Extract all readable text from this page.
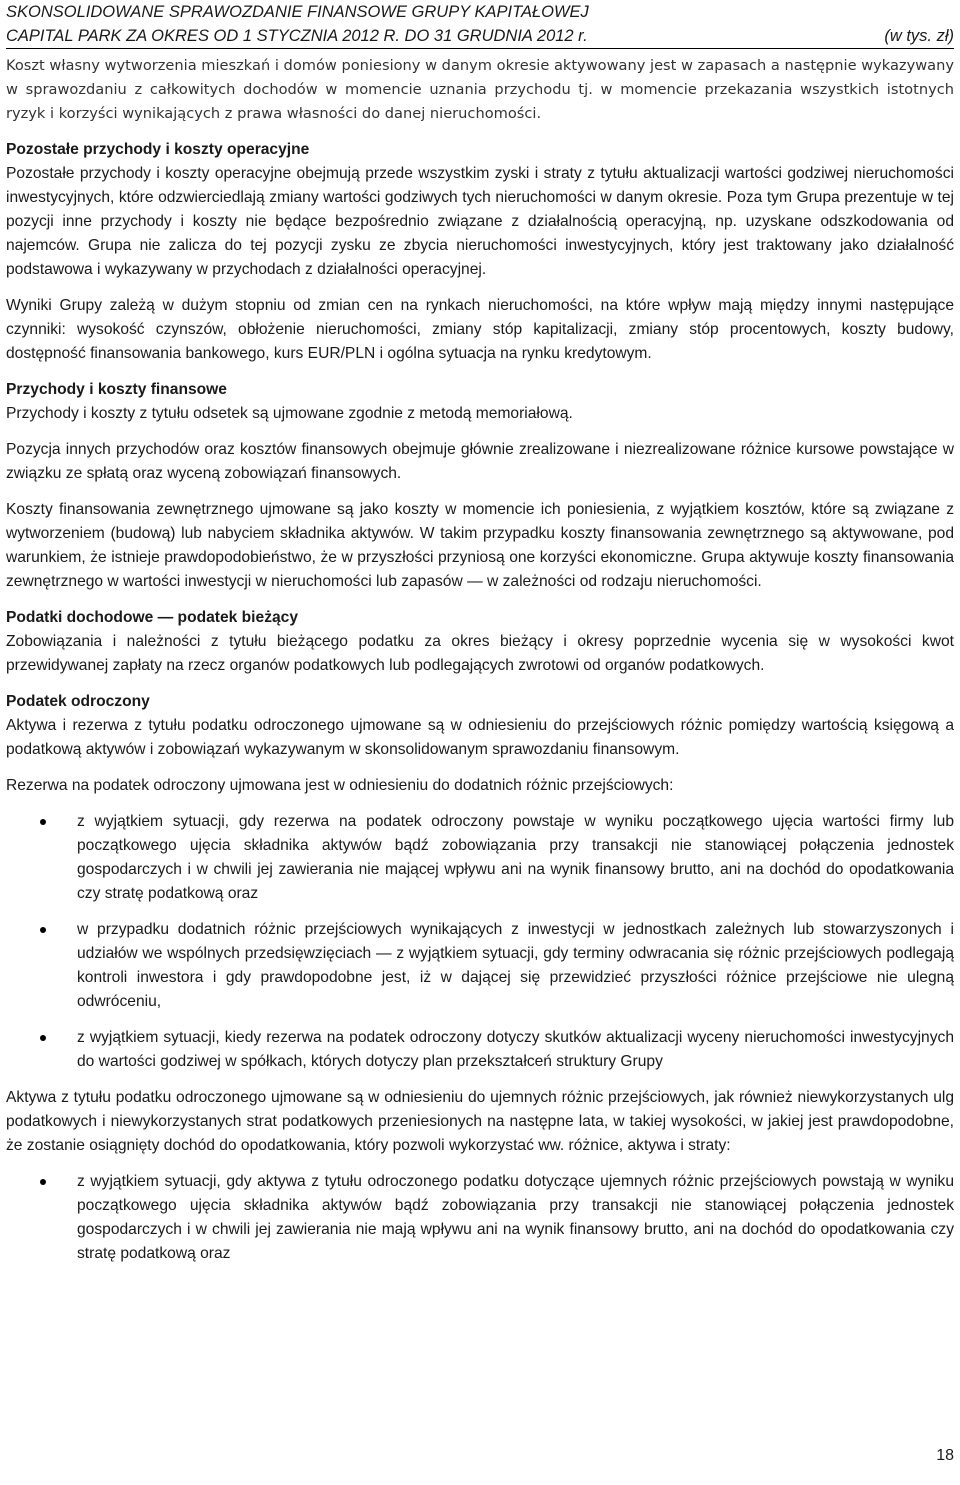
SKONSOLIDOWANE SPRAWOZDANIE FINANSOWE GRUPY KAPITAŁOWEJ
CAPITAL PARK ZA OKRES OD 1 STYCZNIA 2012 R. DO 31 GRUDNIA 2012 r.	(w tys. zł)

Koszt własny wytworzenia mieszkań i domów poniesiony w danym okresie aktywowany jest w zapasach a następnie wykazywany w sprawozdaniu z całkowitych dochodów w momencie uznania przychodu tj. w momencie przekazania wszystkich istotnych ryzyk i korzyści wynikających z prawa własności do danej nieruchomości.

Pozostałe przychody i koszty operacyjne

Pozostałe przychody i koszty operacyjne obejmują przede wszystkim zyski i straty z tytułu aktualizacji wartości godziwej nieruchomości inwestycyjnych, które odzwierciedlają zmiany wartości godziwych tych nieruchomości w danym okresie. Poza tym Grupa prezentuje w tej pozycji inne przychody i koszty nie będące bezpośrednio związane z działalnością operacyjną, np. uzyskane odszkodowania od najemców. Grupa nie zalicza do tej pozycji zysku ze zbycia nieruchomości inwestycyjnych, który jest traktowany jako działalność podstawowa i wykazywany w przychodach z działalności operacyjnej.

Wyniki Grupy zależą w dużym stopniu od zmian cen na rynkach nieruchomości, na które wpływ mają między innymi następujące czynniki: wysokość czynszów, obłożenie nieruchomości, zmiany stóp kapitalizacji, zmiany stóp procentowych, koszty budowy, dostępność finansowania bankowego, kurs EUR/PLN i ogólna sytuacja na rynku kredytowym.

Przychody i koszty finansowe

Przychody i koszty z tytułu odsetek są ujmowane zgodnie z metodą memoriałową.

Pozycja innych przychodów oraz kosztów finansowych obejmuje głównie zrealizowane i niezrealizowane różnice kursowe powstające w związku ze spłatą oraz wyceną zobowiązań finansowych.

Koszty finansowania zewnętrznego ujmowane są jako koszty w momencie ich poniesienia, z wyjątkiem kosztów, które są związane z wytworzeniem (budową) lub nabyciem składnika aktywów. W takim przypadku koszty finansowania zewnętrznego są aktywowane, pod warunkiem, że istnieje prawdopodobieństwo, że w przyszłości przyniosą one korzyści ekonomiczne. Grupa aktywuje koszty finansowania zewnętrznego w wartości inwestycji w nieruchomości lub zapasów — w zależności od rodzaju nieruchomości.

Podatki dochodowe — podatek bieżący

Zobowiązania i należności z tytułu bieżącego podatku za okres bieżący i okresy poprzednie wycenia się w wysokości kwot przewidywanej zapłaty na rzecz organów podatkowych lub podlegających zwrotowi od organów podatkowych.

Podatek odroczony

Aktywa i rezerwa z tytułu podatku odroczonego ujmowane są w odniesieniu do przejściowych różnic pomiędzy wartością księgową a podatkową aktywów i zobowiązań wykazywanym w skonsolidowanym sprawozdaniu finansowym.

Rezerwa na podatek odroczony ujmowana jest w odniesieniu do dodatnich różnic przejściowych:

z wyjątkiem sytuacji, gdy rezerwa na podatek odroczony powstaje w wyniku początkowego ujęcia wartości firmy lub początkowego ujęcia składnika aktywów bądź zobowiązania przy transakcji nie stanowiącej połączenia jednostek gospodarczych i w chwili jej zawierania nie mającej wpływu ani na wynik finansowy brutto, ani na dochód do opodatkowania czy stratę podatkową oraz
w przypadku dodatnich różnic przejściowych wynikających z inwestycji w jednostkach zależnych lub stowarzyszonych i udziałów we wspólnych przedsięwzięciach — z wyjątkiem sytuacji, gdy terminy odwracania się różnic przejściowych podlegają kontroli inwestora i gdy prawdopodobne jest, iż w dającej się przewidzieć przyszłości różnice przejściowe nie ulegną odwróceniu,
z wyjątkiem sytuacji, kiedy rezerwa na podatek odroczony dotyczy skutków aktualizacji wyceny nieruchomości inwestycyjnych do wartości godziwej w spółkach, których dotyczy plan przekształceń struktury Grupy

Aktywa z tytułu podatku odroczonego ujmowane są w odniesieniu do ujemnych różnic przejściowych, jak również niewykorzystanych ulg podatkowych i niewykorzystanych strat podatkowych przeniesionych na następne lata, w takiej wysokości, w jakiej jest prawdopodobne, że zostanie osiągnięty dochód do opodatkowania, który pozwoli wykorzystać ww. różnice, aktywa i straty:

z wyjątkiem sytuacji, gdy aktywa z tytułu odroczonego podatku dotyczące ujemnych różnic przejściowych powstają w wyniku początkowego ujęcia składnika aktywów bądź zobowiązania przy transakcji nie stanowiącej połączenia jednostek gospodarczych i w chwili jej zawierania nie mają wpływu ani na wynik finansowy brutto, ani na dochód do opodatkowania czy stratę podatkową oraz
18
